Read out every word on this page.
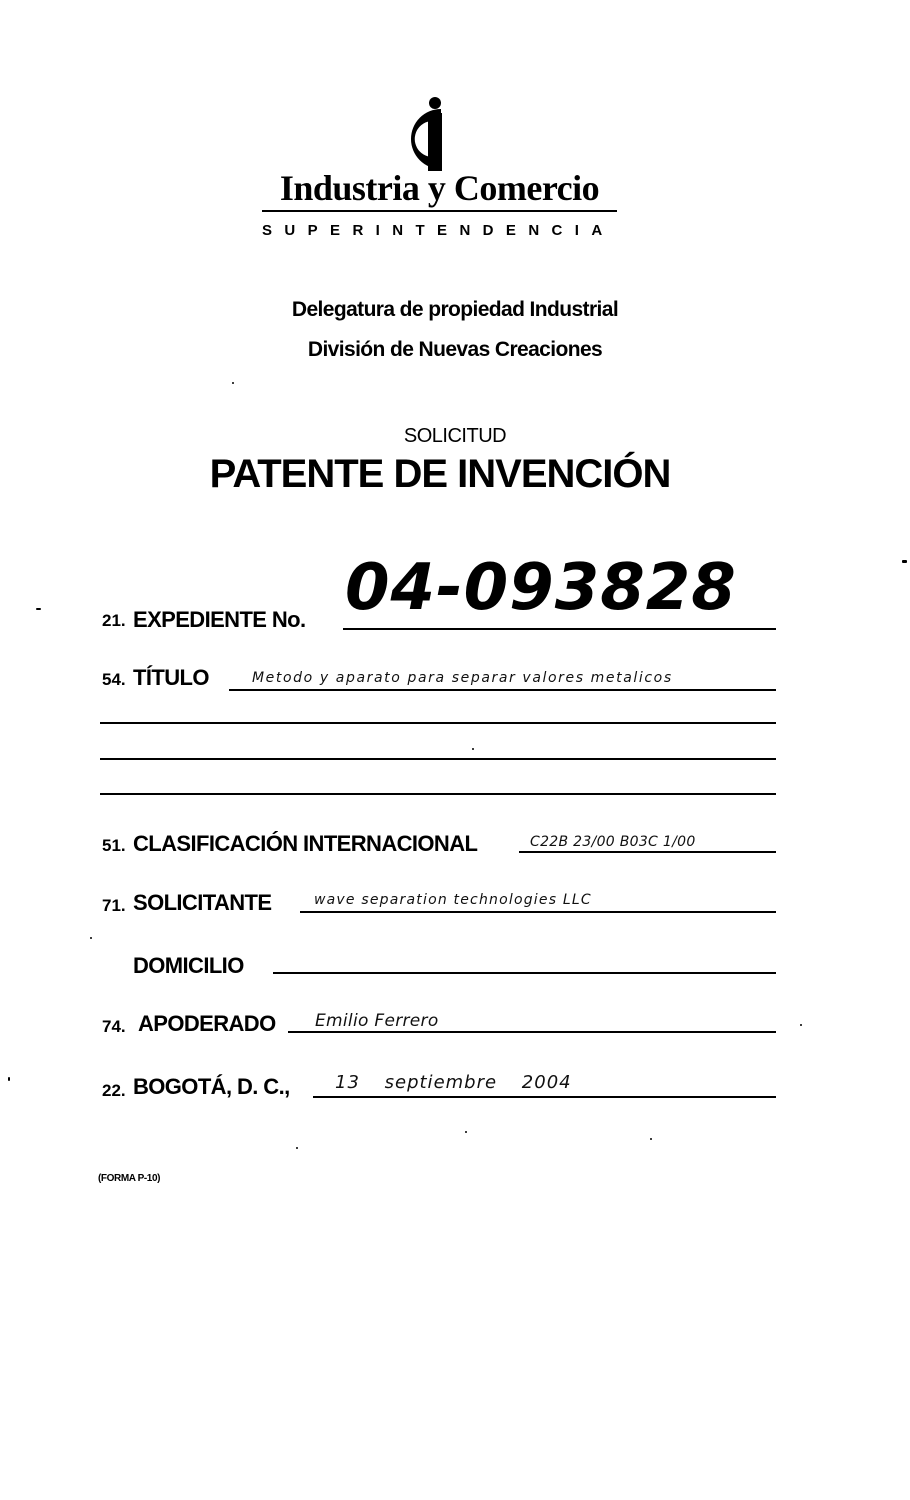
Industria y Comercio
SUPERINTENDENCIA
Delegatura de propiedad Industrial
División de Nuevas Creaciones
SOLICITUD
PATENTE DE INVENCIÓN
21. EXPEDIENTE No. 04-093828
54. TÍTULO	Metodo y aparato para separar valores metalicos
51. CLASIFICACIÓN INTERNACIONAL	C22B 23/00 B03C 1/00
71. SOLICITANTE	wave separation technologies LLC
DOMICILIO
74. APODERADO Emilio Ferrero
22. BOGOTÁ, D. C.,	13 septiembre 2004
(FORMA P-10)
